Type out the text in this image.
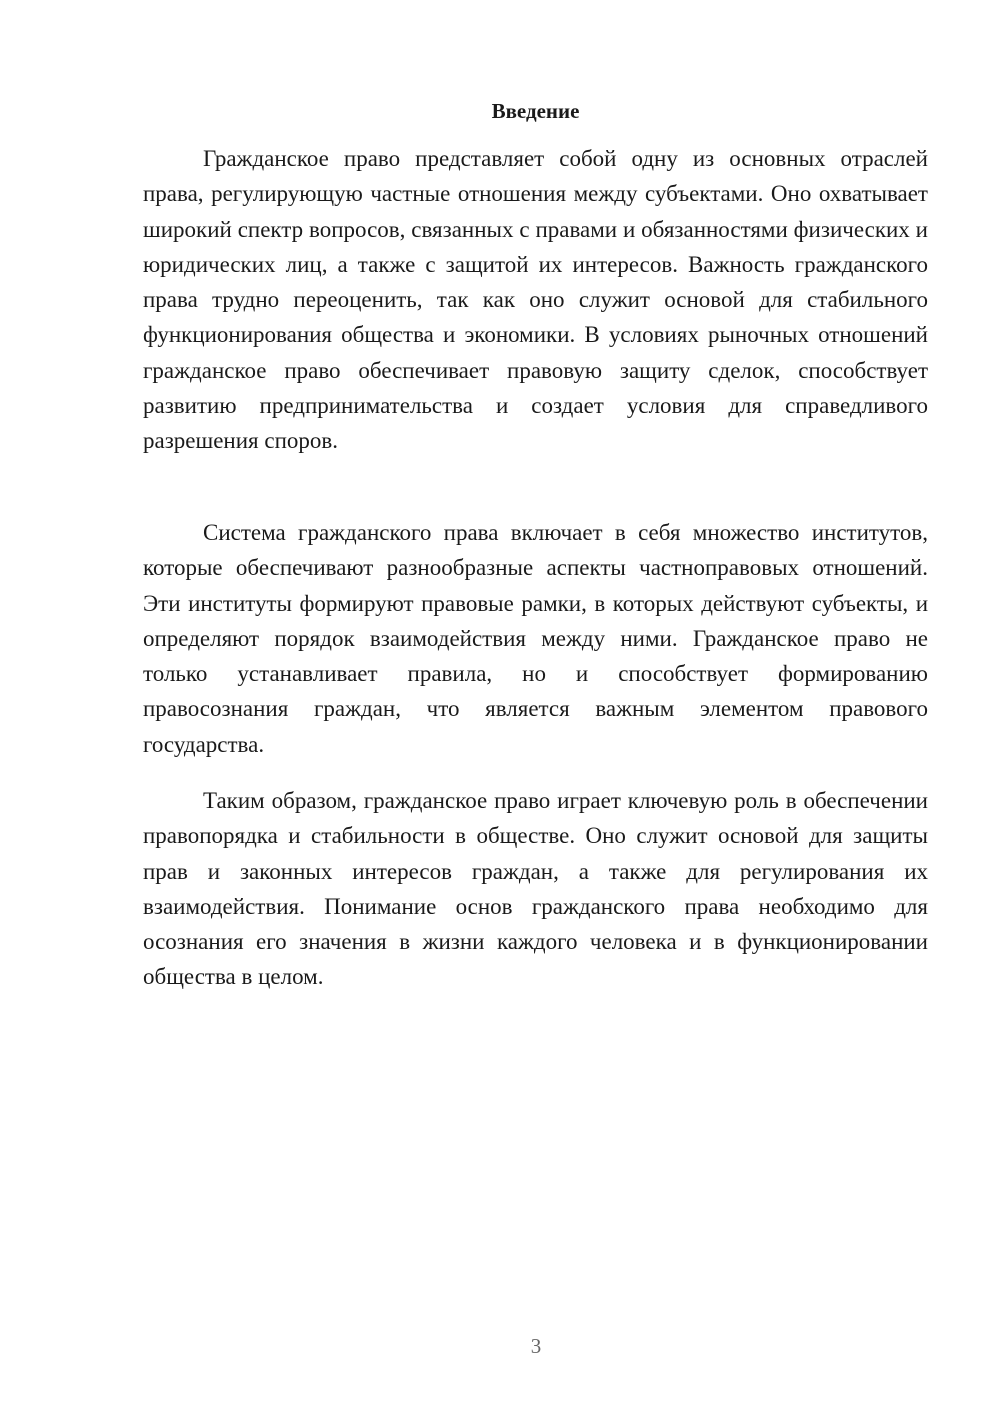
Введение

Гражданское право представляет собой одну из основных отраслей права, регулирующую частные отношения между субъектами. Оно охватывает широкий спектр вопросов, связанных с правами и обязанностями физических и юридических лиц, а также с защитой их интересов. Важность гражданского права трудно переоценить, так как оно служит основой для стабильного функционирования общества и экономики. В условиях рыночных отношений гражданское право обеспечивает правовую защиту сделок, способствует развитию предпринимательства и создает условия для справедливого разрешения споров.

Система гражданского права включает в себя множество институтов, которые обеспечивают разнообразные аспекты частноправовых отношений. Эти институты формируют правовые рамки, в которых действуют субъекты, и определяют порядок взаимодействия между ними. Гражданское право не только устанавливает правила, но и способствует формированию правосознания граждан, что является важным элементом правового государства.

Таким образом, гражданское право играет ключевую роль в обеспечении правопорядка и стабильности в обществе. Оно служит основой для защиты прав и законных интересов граждан, а также для регулирования их взаимодействия. Понимание основ гражданского права необходимо для осознания его значения в жизни каждого человека и в функционировании общества в целом.

3
